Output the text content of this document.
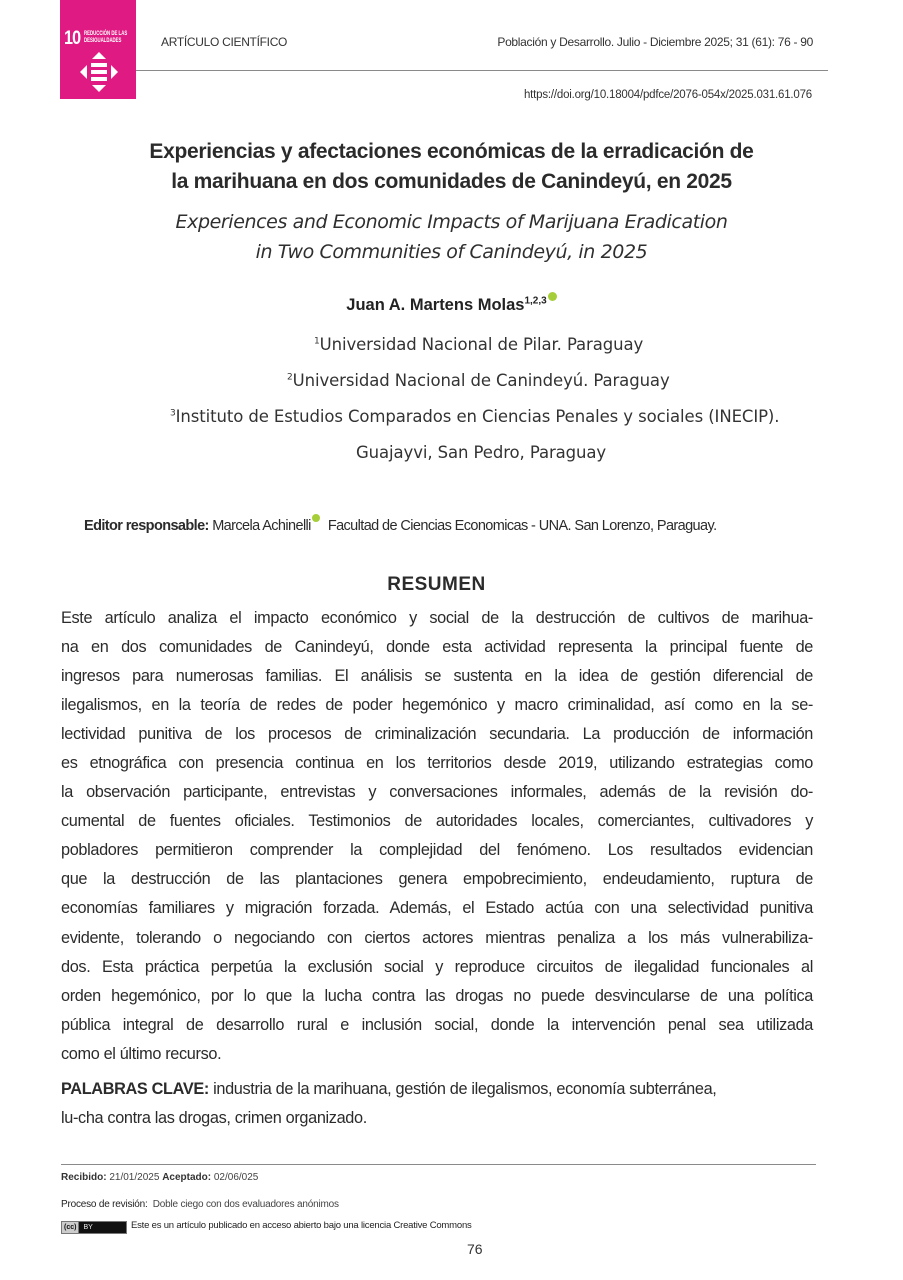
10 REDUCCIÓN DE LAS
DESIGUALDADES	ARTÍCULO CIENTÍFICO	Población y Desarrollo. Julio - Diciembre 2025; 31 (61): 76 - 90
https://doi.org/10.18004/pdfce/2076-054x/2025.031.61.076
Experiencias y afectaciones económicas de la erradicación de
la marihuana en dos comunidades de Canindeyú, en 2025
Experiences and Economic Impacts of Marijuana Eradication
in Two Communities of Canindeyú, in 2025
Juan A. Martens Molas$^{1,2,3}$
$^1$Universidad Nacional de Pilar. Paraguay
$^2$Universidad Nacional de Canindeyú. Paraguay
$^3$Instituto de Estudios Comparados en Ciencias Penales y sociales (INECIP).
Guajayvi, San Pedro, Paraguay
Editor responsable: Marcela Achinelli Facultad de Ciencias Economicas - UNA. San Lorenzo, Paraguay.
RESUMEN
Este artículo analiza el impacto económico y social de la destrucción de cultivos de marihua-
na en dos comunidades de Canindeyú, donde esta actividad representa la principal fuente de
ingresos para numerosas familias. El análisis se sustenta en la idea de gestión diferencial de
ilegalismos, en la teoría de redes de poder hegemónico y macro criminalidad, así como en la se-
lectividad punitiva de los procesos de criminalización secundaria. La producción de información
es etnográfica con presencia continua en los territorios desde 2019, utilizando estrategias como
la observación participante, entrevistas y conversaciones informales, además de la revisión do-
cumental de fuentes oficiales. Testimonios de autoridades locales, comerciantes, cultivadores y
pobladores permitieron comprender la complejidad del fenómeno. Los resultados evidencian
que la destrucción de las plantaciones genera empobrecimiento, endeudamiento, ruptura de
economías familiares y migración forzada. Además, el Estado actúa con una selectividad punitiva
evidente, tolerando o negociando con ciertos actores mientras penaliza a los más vulnerabiliza-
dos. Esta práctica perpetúa la exclusión social y reproduce circuitos de ilegalidad funcionales al
orden hegemónico, por lo que la lucha contra las drogas no puede desvincularse de una política
pública integral de desarrollo rural e inclusión social, donde la intervención penal sea utilizada
como el último recurso.
PALABRAS CLAVE: industria de la marihuana, gestión de ilegalismos, economía subterránea,
lu-cha contra las drogas, crimen organizado.
Recibido: 21/01/2025 Aceptado: 02/06/025
Proceso de revisión: Doble ciego con dos evaluadores anónimos
(cc)	BY	Este es un artículo publicado en acceso abierto bajo una licencia Creative Commons
76
